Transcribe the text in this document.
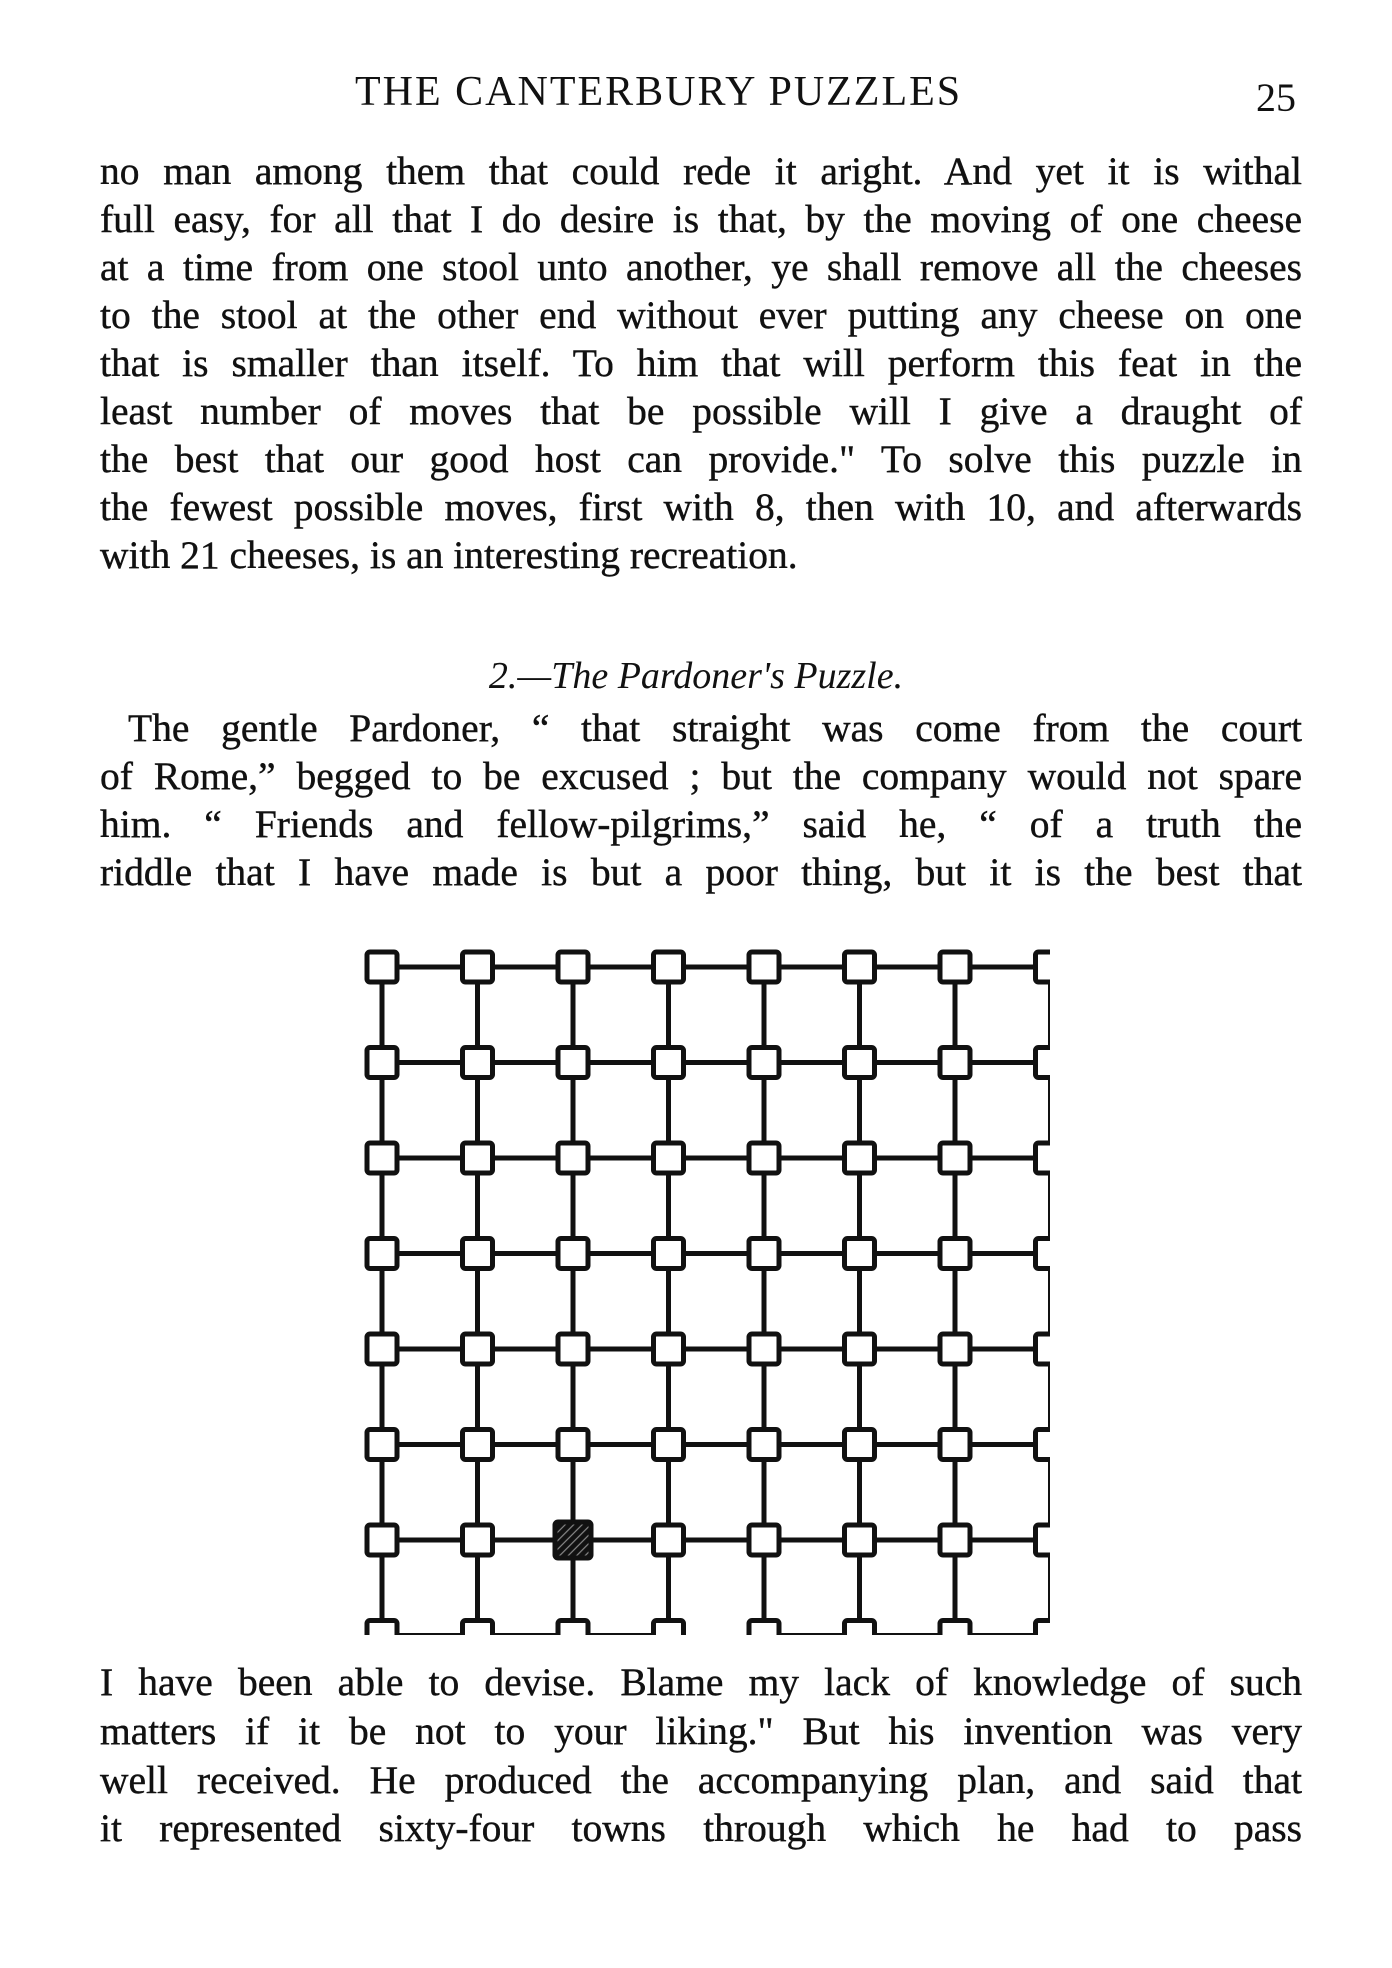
THE CANTERBURY PUZZLES	25
no man among them that could rede it aright. And yet it is withal
full easy, for all that I do desire is that, by the moving of one cheese
at a time from one stool unto another, ye shall remove all the cheeses
to the stool at the other end without ever putting any cheese on one
that is smaller than itself. To him that will perform this feat in the
least number of moves that be possible will I give a draught of
the best that our good host can provide." To solve this puzzle in
the fewest possible moves, first with 8, then with 10, and afterwards
with 21 cheeses, is an interesting recreation.
2.—The Pardoner's Puzzle.
The gentle Pardoner, “ that straight was come from the court
of Rome,” begged to be excused ; but the company would not spare
him. “ Friends and fellow-pilgrims,” said he, “ of a truth the
riddle that I have made is but a poor thing, but it is the best that
I have been able to devise. Blame my lack of knowledge of such
matters if it be not to your liking." But his invention was very
well received. He produced the accompanying plan, and said that
it represented sixty-four towns through which he had to pass
